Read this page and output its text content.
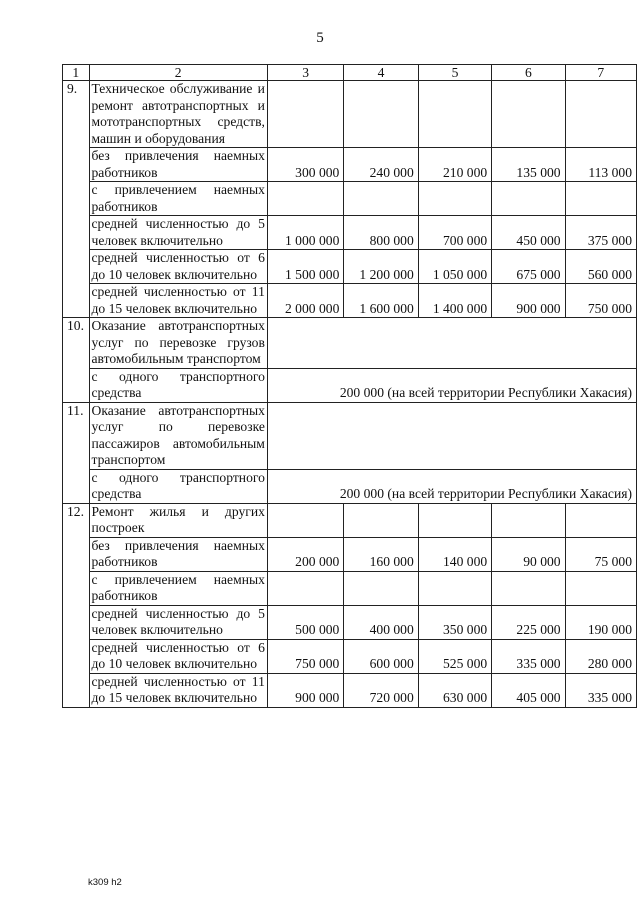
5
1	2	3	4	5	6	7
9.	Техническое обслуживание и ремонт автотранспортных и мототранспортных средств, машин и оборудования					
	без привлечения наемных работников	300 000	240 000	210 000	135 000	113 000
	с привлечением наемных работников					
	средней численностью до 5 человек включительно	1 000 000	800 000	700 000	450 000	375 000
	средней численностью от 6 до 10 человек включительно	1 500 000	1 200 000	1 050 000	675 000	560 000
	средней численностью от 11 до 15 человек включительно	2 000 000	1 600 000	1 400 000	900 000	750 000
10.	Оказание автотранспортных услуг по перевозке грузов автомобильным транспортом					
	с одного транспортного средства	200 000 (на всей территории Республики Хакасия)				
11.	Оказание автотранспортных услуг по перевозке пассажиров автомобильным транспортом					
	с одного транспортного средства	200 000 (на всей территории Республики Хакасия)				
12.	Ремонт жилья и других построек					
	без привлечения наемных работников	200 000	160 000	140 000	90 000	75 000
	с привлечением наемных работников					
	средней численностью до 5 человек включительно	500 000	400 000	350 000	225 000	190 000
	средней численностью от 6 до 10 человек включительно	750 000	600 000	525 000	335 000	280 000
	средней численностью от 11 до 15 человек включительно	900 000	720 000	630 000	405 000	335 000
k309 h2
